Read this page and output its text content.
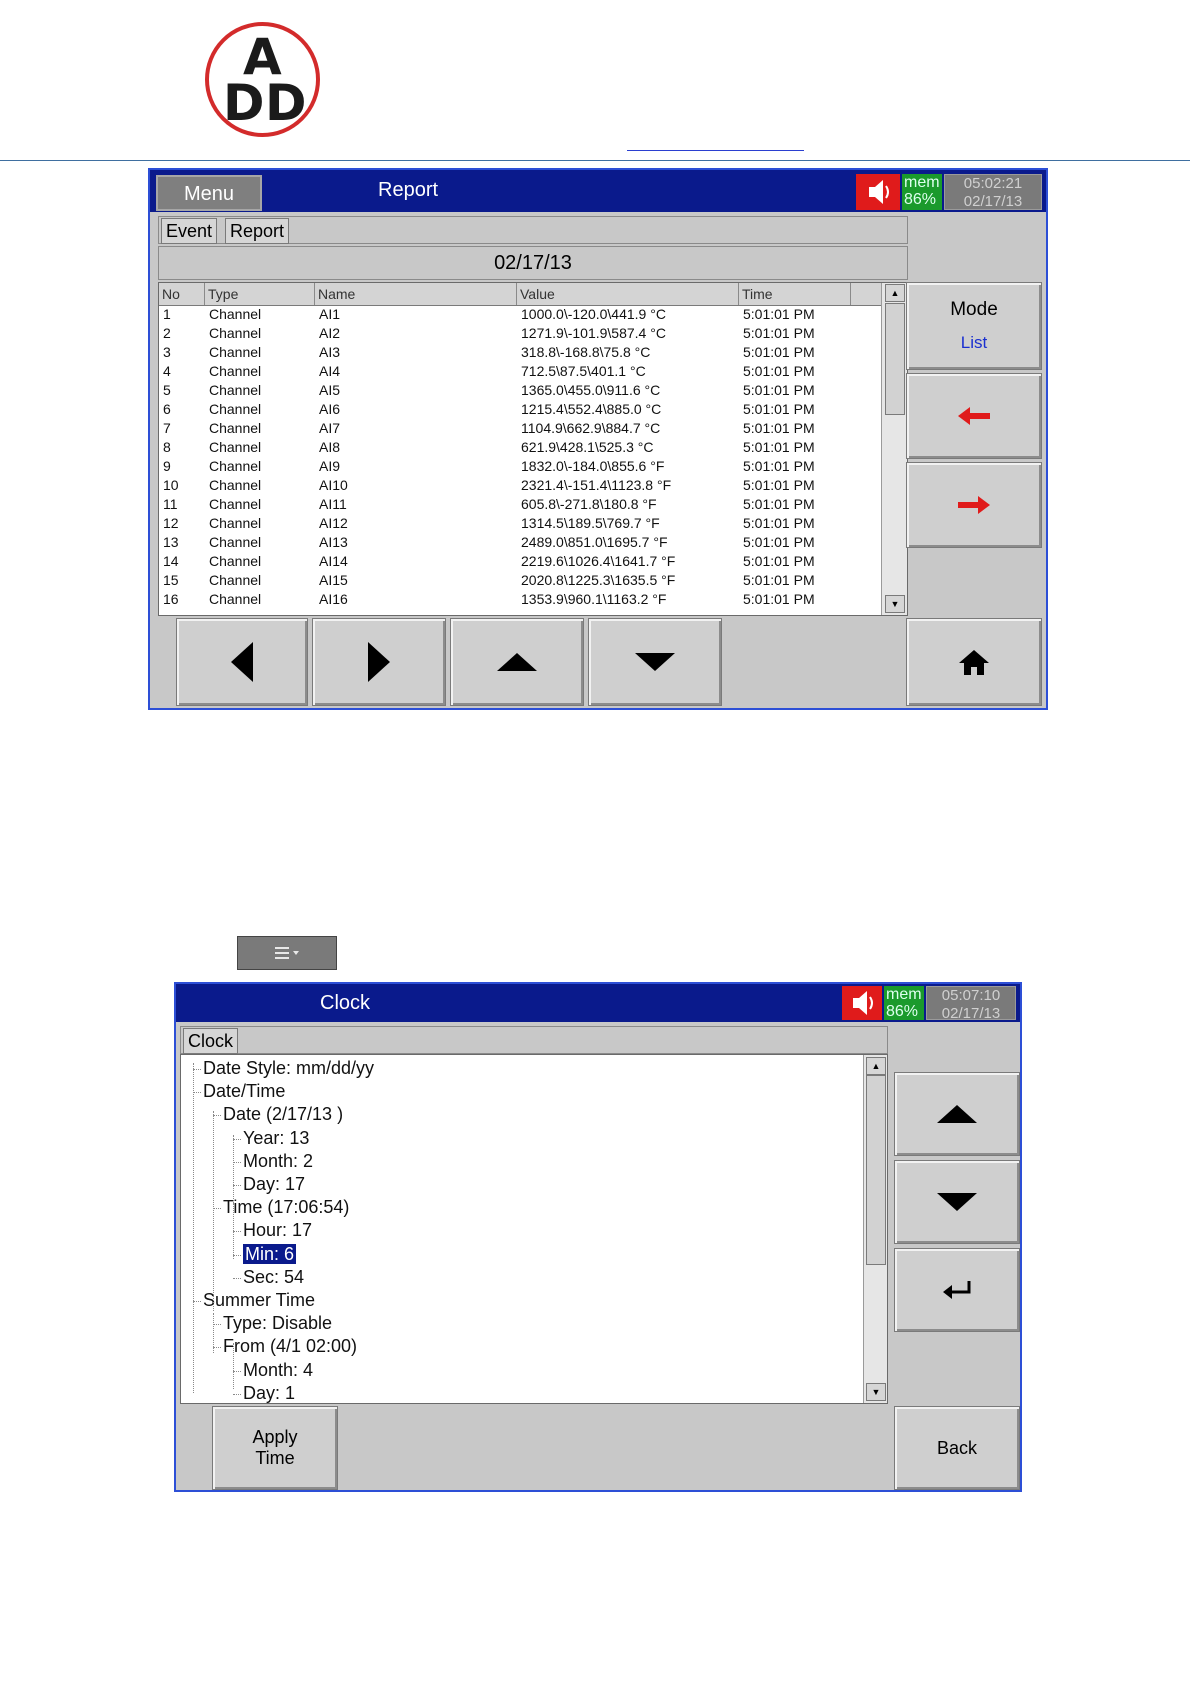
A
D D
Menu	Report	mem
86%
05:02:21
02/17/13
Event Report
02/17/13
No	Type	Name	Value	Time
1	Channel	AI1	1000.0\-120.0\441.9 °C	5:01:01 PM
2	Channel	AI2	1271.9\-101.9\587.4 °C	5:01:01 PM
3	Channel	AI3	318.8\-168.8\75.8 °C	5:01:01 PM
4	Channel	AI4	712.5\87.5\401.1 °C	5:01:01 PM
5	Channel	AI5	1365.0\455.0\911.6 °C	5:01:01 PM
6	Channel	AI6	1215.4\552.4\885.0 °C	5:01:01 PM
7	Channel	AI7	1104.9\662.9\884.7 °C	5:01:01 PM
8	Channel	AI8	621.9\428.1\525.3 °C	5:01:01 PM
9	Channel	AI9	1832.0\-184.0\855.6 °F	5:01:01 PM
10 Channel	AI10	2321.4\-151.4\1123.8 °F	5:01:01 PM
11 Channel	AI11	605.8\-271.8\180.8 °F	5:01:01 PM
12 Channel	AI12	1314.5\189.5\769.7 °F	5:01:01 PM
13 Channel	AI13	2489.0\851.0\1695.7 °F	5:01:01 PM
14 Channel	AI14	2219.6\1026.4\1641.7 °F	5:01:01 PM
15 Channel	AI15	2020.8\1225.3\1635.5 °F	5:01:01 PM
16 Channel	AI16	1353.9\960.1\1163.2 °F	5:01:01 PM
▲
▼
Mode
List
Clock	mem
86%
05:07:10
02/17/13
Clock
Date Style: mm/dd/yy
Date/Time
Date (2/17/13 )
Year: 13
Month: 2
Day: 17
Time (17:06:54)
Hour: 17
Min: 6
Sec: 54
Summer Time
Type: Disable
From (4/1 02:00)
Month: 4
Day: 1
▲
▼
Apply
Time
Back
